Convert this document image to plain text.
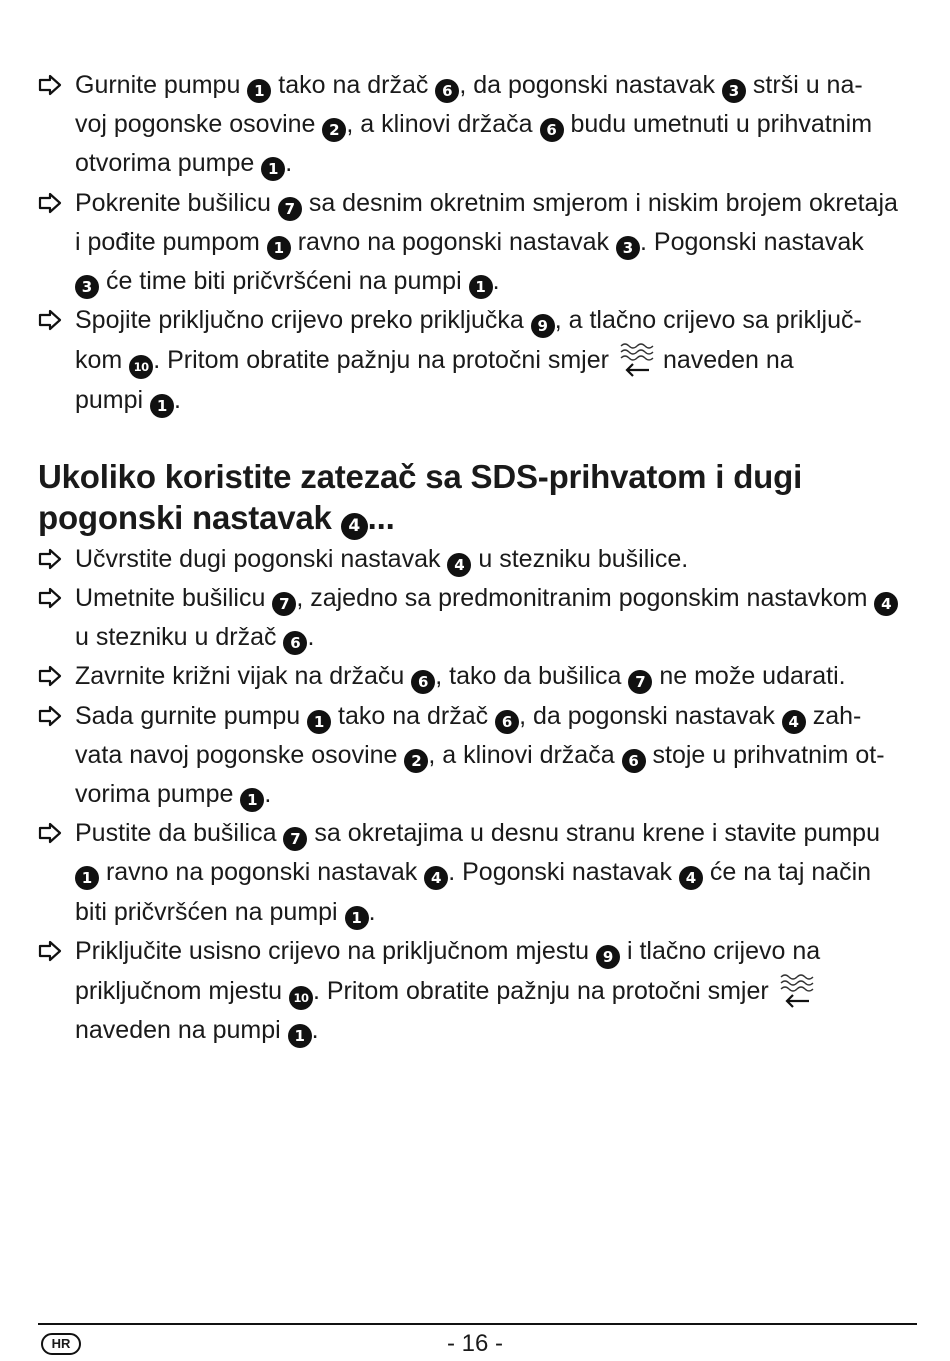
Gurnite pumpu 1 tako na držač 6 , da pogonski nastavak 3 strši u na-
voj pogonske osovine 2 , a klinovi držača 6 budu umetnuti u prihvatnim
otvorima pumpe 1 .

Pokrenite bušilicu 7 sa desnim okretnim smjerom i niskim brojem okretaja
i pođite pumpom 1 ravno na pogonski nastavak 3 . Pogonski nastavak
3 će time biti pričvršćeni na pumpi 1 .

Spojite priključno crijevo preko priključka 9 , a tlačno crijevo sa priključ-
kom 10 . Pritom obratite pažnju na protočni smjer naveden na
pumpi 1 .

Ukoliko koristite zatezač sa SDS-prihvatom i dugi
pogonski nastavak 4 ...

Učvrstite dugi pogonski nastavak 4 u stezniku bušilice.

Umetnite bušilicu 7 , zajedno sa predmonitranim pogonskim nastavkom 4
u stezniku u držač 6 .

Zavrnite križni vijak na držaču 6 , tako da bušilica 7 ne može udarati.

Sada gurnite pumpu 1 tako na držač 6 , da pogonski nastavak 4 zah-
vata navoj pogonske osovine 2 , a klinovi držača 6 stoje u prihvatnim ot-
vorima pumpe 1 .

Pustite da bušilica 7 sa okretajima u desnu stranu krene i stavite pumpu
1 ravno na pogonski nastavak 4 . Pogonski nastavak 4 će na taj način
biti pričvršćen na pumpi 1 .

Priključite usisno crijevo na priključnom mjestu 9 i tlačno crijevo na
priključnom mjestu 10 . Pritom obratite pažnju na protočni smjer
naveden na pumpi 1 .

HR	- 16 -
